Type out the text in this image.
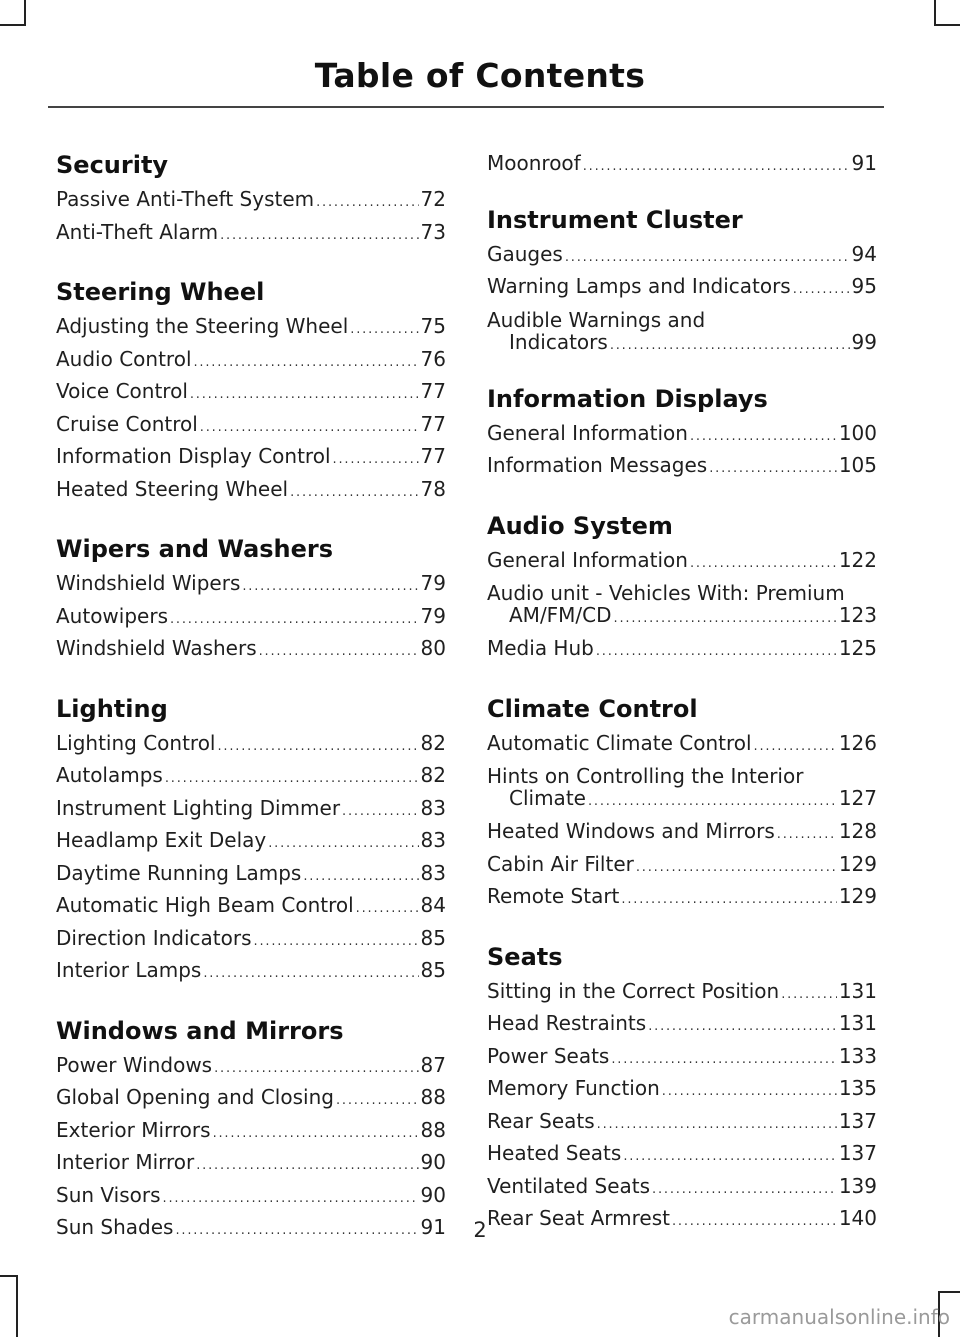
Table of Contents
Security
Passive Anti-Theft System .....	72
Anti-Theft Alarm .....	73
Steering Wheel
Adjusting the Steering Wheel .....	75
Audio Control .....	76
Voice Control .....	77
Cruise Control .....	77
Information Display Control .....	77
Heated Steering Wheel .....	78
Wipers and Washers
Windshield Wipers .....	79
Autowipers .....	79
Windshield Washers .....	80
Lighting
Lighting Control .....	82
Autolamps .....	82
Instrument Lighting Dimmer .....	83
Headlamp Exit Delay .....	83
Daytime Running Lamps .....	83
Automatic High Beam Control .....	84
Direction Indicators .....	85
Interior Lamps .....	85
Windows and Mirrors
Power Windows .....	87
Global Opening and Closing .....	88
Exterior Mirrors .....	88
Interior Mirror .....	90
Sun Visors .....	90
Sun Shades .....	91
Moonroof .....	91
Instrument Cluster
Gauges .....	94
Warning Lamps and Indicators .....	95
Audible Warnings and
Indicators .....	99
Information Displays
General Information .....	100
Information Messages .....	105
Audio System
General Information .....	122
Audio unit - Vehicles With: Premium
AM/FM/CD .....	123
Media Hub .....	125
Climate Control
Automatic Climate Control .....	126
Hints on Controlling the Interior
Climate .....	127
Heated Windows and Mirrors .....	128
Cabin Air Filter .....	129
Remote Start .....	129
Seats
Sitting in the Correct Position .....	131
Head Restraints .....	131
Power Seats .....	133
Memory Function .....	135
Rear Seats .....	137
Heated Seats .....	137
Ventilated Seats .....	139
Rear Seat Armrest .....	140
2
carmanualsonline.info
